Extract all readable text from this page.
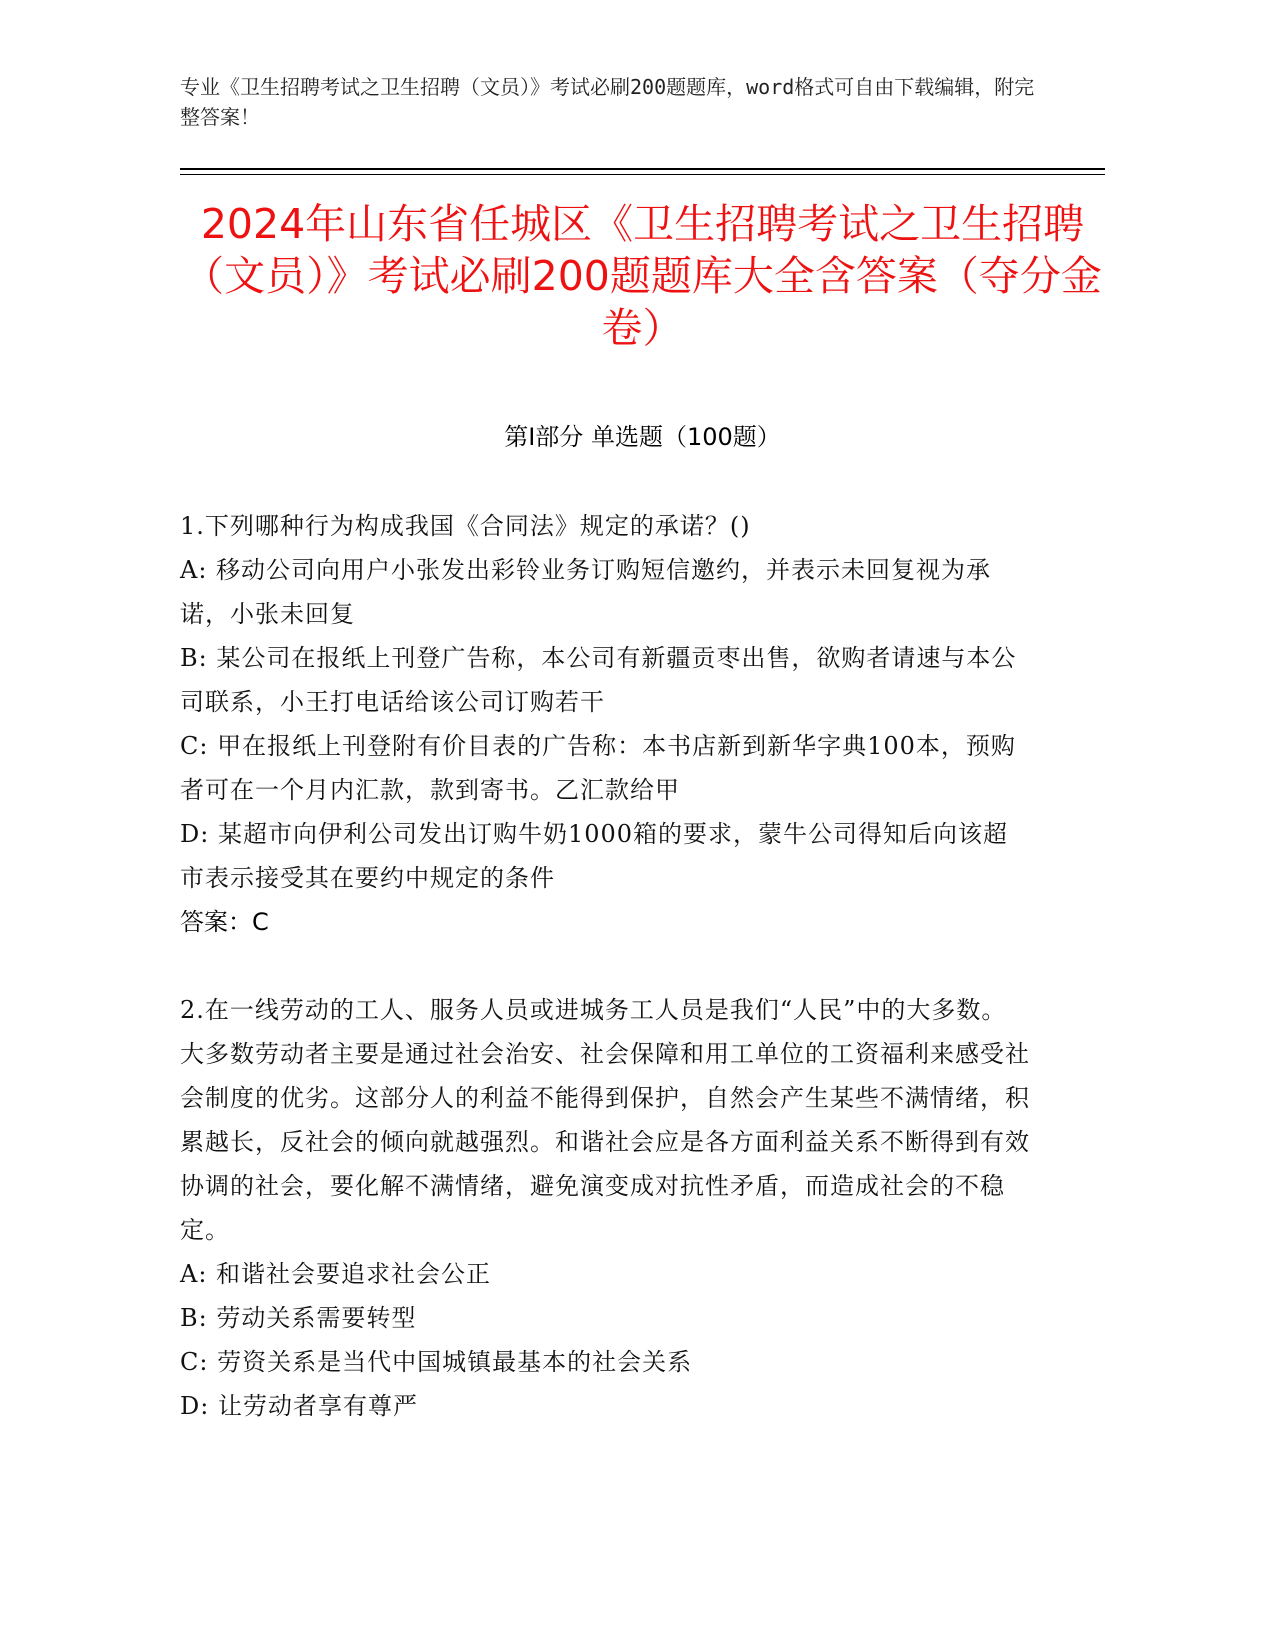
专业《卫生招聘考试之卫生招聘（文员）》考试必刷200题题库，word格式可自由下载编辑，附完整答案！
2024年山东省任城区《卫生招聘考试之卫生招聘（文员）》考试必刷200题题库大全含答案（夺分金卷）
第Ⅰ部分 单选题（100题）

1.下列哪种行为构成我国《合同法》规定的承诺？()

A: 移动公司向用户小张发出彩铃业务订购短信邀约，并表示未回复视为承诺，小张未回复

B: 某公司在报纸上刊登广告称，本公司有新疆贡枣出售，欲购者请速与本公司联系，小王打电话给该公司订购若干

C: 甲在报纸上刊登附有价目表的广告称：本书店新到新华字典100本，预购者可在一个月内汇款，款到寄书。乙汇款给甲

D: 某超市向伊利公司发出订购牛奶1000箱的要求，蒙牛公司得知后向该超市表示接受其在要约中规定的条件

答案：C

2.在一线劳动的工人、服务人员或进城务工人员是我们“人民”中的大多数。大多数劳动者主要是通过社会治安、社会保障和用工单位的工资福利来感受社会制度的优劣。这部分人的利益不能得到保护，自然会产生某些不满情绪，积累越长，反社会的倾向就越强烈。和谐社会应是各方面利益关系不断得到有效协调的社会，要化解不满情绪，避免演变成对抗性矛盾，而造成社会的不稳定。

A: 和谐社会要追求社会公正

B: 劳动关系需要转型

C: 劳资关系是当代中国城镇最基本的社会关系

D: 让劳动者享有尊严
